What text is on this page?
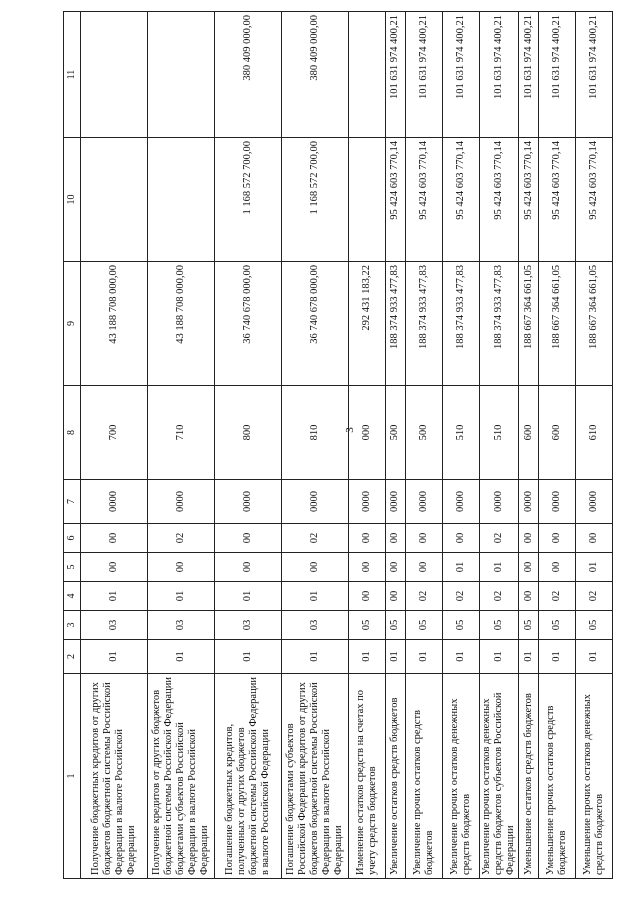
3
1	2	3	4	5	6	7	8	9	10	11
Получение бюджетных кредитов от других бюджетов бюджетной системы Российской Федерации в валюте Российской Федерации	01	03	01	00	00	0000	700	43 188 708 000,00		
Получение кредитов от других бюджетов бюджетной системы Российской Федерации бюджетами субъектов Российской Федерации в валюте Российской Федерации	01	03	01	00	02	0000	710	43 188 708 000,00		
Погашение бюджетных кредитов, полученных от других бюджетов бюджетной системы Российской Федерации в валюте Российской Федерации	01	03	01	00	00	0000	800	36 740 678 000,00	1 168 572 700,00	380 409 000,00
Погашение бюджетами субъектов Российской Федерации кредитов от других бюджетов бюджетной системы Российской Федерации в валюте Российской Федерации	01	03	01	00	02	0000	810	36 740 678 000,00	1 168 572 700,00	380 409 000,00
Изменение остатков средств на счетах по учету средств бюджетов	01	05	00	00	00	0000	000	292 431 183,22		
Увеличение остатков средств бюджетов	01	05	00	00	00	0000	500	188 374 933 477,83	95 424 603 770,14	101 631 974 400,21
Увеличение прочих остатков средств бюджетов	01	05	02	00	00	0000	500	188 374 933 477,83	95 424 603 770,14	101 631 974 400,21
Увеличение прочих остатков денежных средств бюджетов	01	05	02	01	00	0000	510	188 374 933 477,83	95 424 603 770,14	101 631 974 400,21
Увеличение прочих остатков денежных средств бюджетов субъектов Российской Федерации	01	05	02	01	02	0000	510	188 374 933 477,83	95 424 603 770,14	101 631 974 400,21
Уменьшение остатков средств бюджетов	01	05	00	00	00	0000	600	188 667 364 661,05	95 424 603 770,14	101 631 974 400,21
Уменьшение прочих остатков средств бюджетов	01	05	02	00	00	0000	600	188 667 364 661,05	95 424 603 770,14	101 631 974 400,21
Уменьшение прочих остатков денежных средств бюджетов	01	05	02	01	00	0000	610	188 667 364 661,05	95 424 603 770,14	101 631 974 400,21
